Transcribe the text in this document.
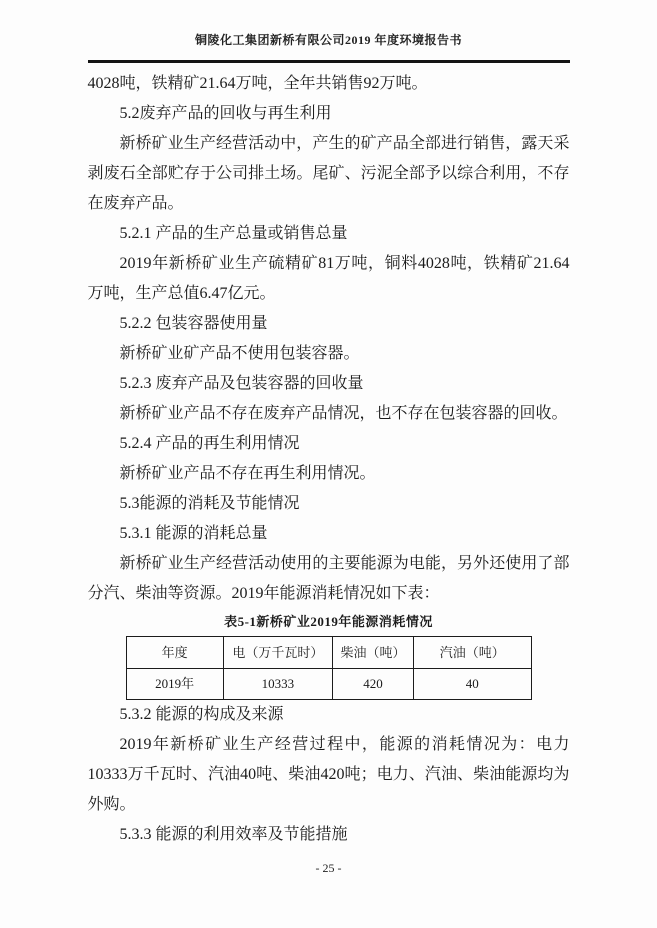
铜陵化工集团新桥有限公司2019 年度环境报告书

4028吨，铁精矿21.64万吨，全年共销售92万吨。

5.2废弃产品的回收与再生利用

新桥矿业生产经营活动中，产生的矿产品全部进行销售，露天采剥废石全部贮存于公司排土场。尾矿、污泥全部予以综合利用，不存在废弃产品。

5.2.1 产品的生产总量或销售总量

2019年新桥矿业生产硫精矿81万吨，铜料4028吨，铁精矿21.64万吨，生产总值6.47亿元。

5.2.2 包装容器使用量

新桥矿业矿产品不使用包装容器。

5.2.3 废弃产品及包装容器的回收量

新桥矿业产品不存在废弃产品情况，也不存在包装容器的回收。

5.2.4 产品的再生利用情况

新桥矿业产品不存在再生利用情况。

5.3能源的消耗及节能情况

5.3.1 能源的消耗总量

新桥矿业生产经营活动使用的主要能源为电能，另外还使用了部分汽、柴油等资源。2019年能源消耗情况如下表：

表5-1新桥矿业2019年能源消耗情况
年度	电（万千瓦时）	柴油（吨）	汽油（吨）
2019年	10333	420	40

5.3.2 能源的构成及来源

2019年新桥矿业生产经营过程中，能源的消耗情况为：电力10333万千瓦时、汽油40吨、柴油420吨；电力、汽油、柴油能源均为外购。

5.3.3 能源的利用效率及节能措施

- 25 -
